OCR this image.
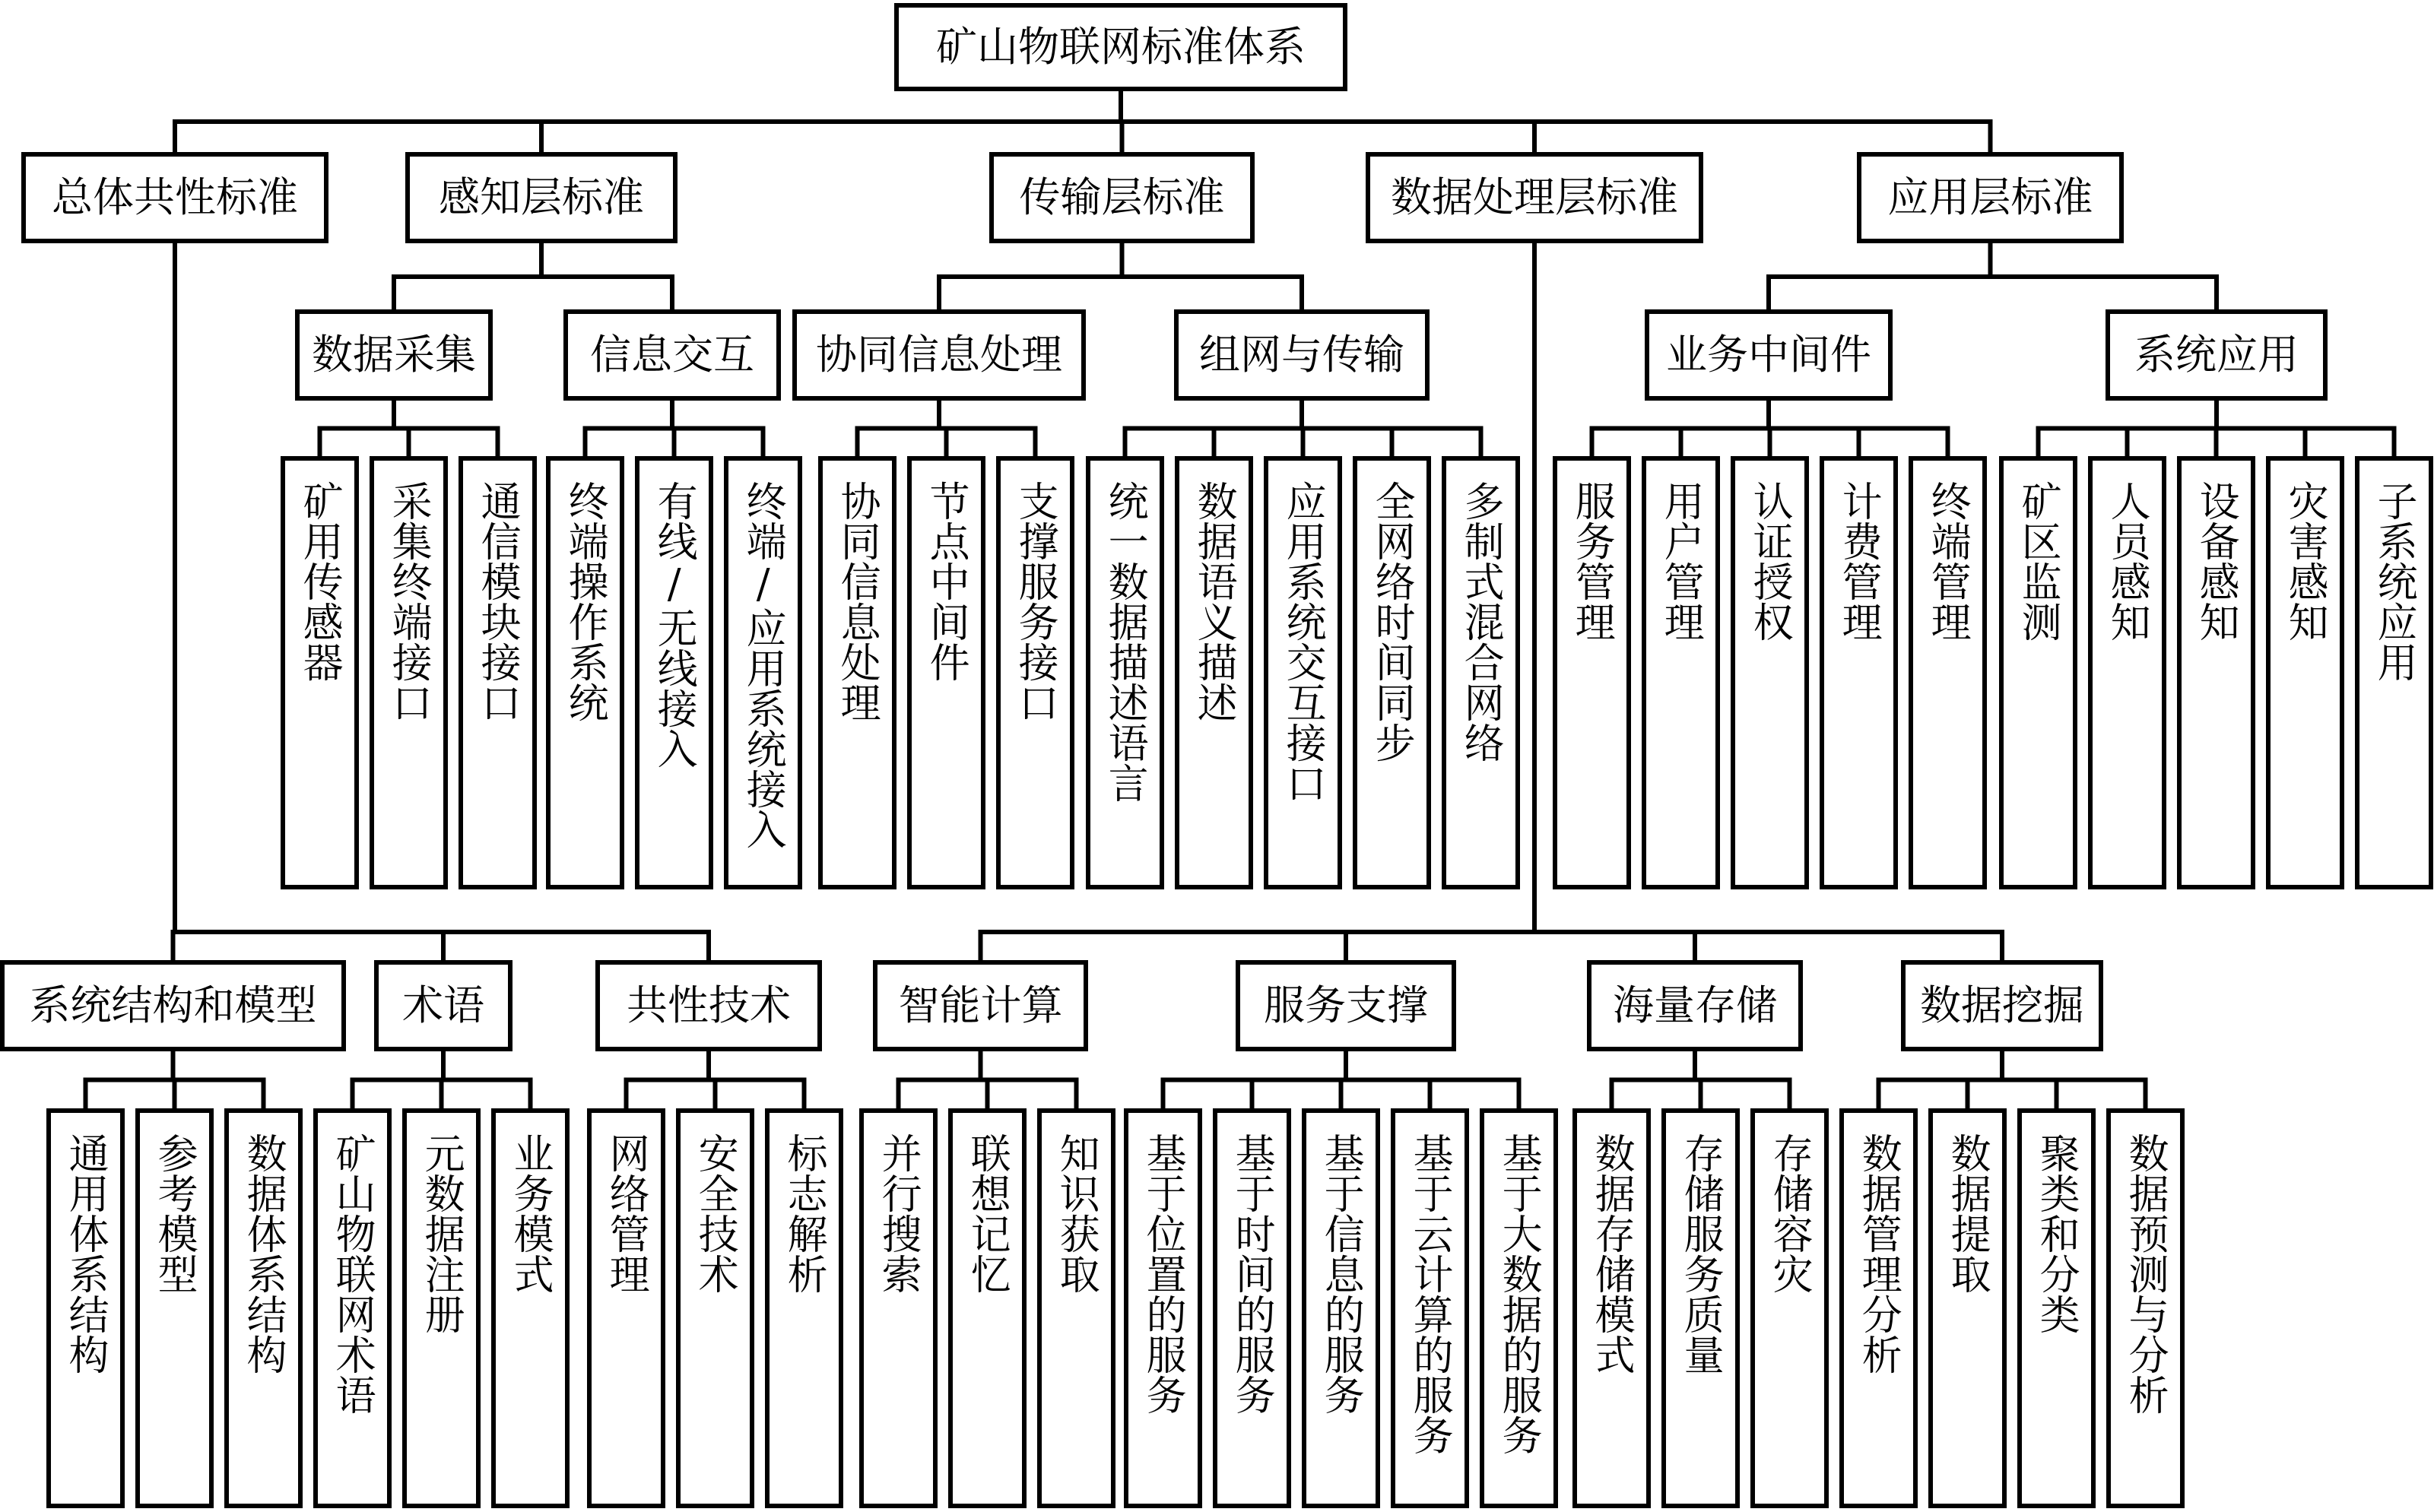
矿山物联网标准体系
总体共性标准	感知层标准	传输层标准	数据处理层标准	应用层标准
数据采集
矿用传感器	采集终端接口	通信模块接口
信息交互
终端操作系统	有线/无线接入	终端/应用系统接入
协同信息处理
协同信息处理	节点中间件	支撑服务接口
组网与传输
统一数据描述语言	数据语义描述	应用系统交互接口	全网络时间同步	多制式混合网络
业务中间件
服务管理	用户管理	认证授权	计费管理	终端管理
系统应用
矿区监测	人员感知	设备感知	灾害感知	子系统应用
系统结构和模型
通用体系结构	参考模型	数据体系结构
术语
矿山物联网术语	元数据注册	业务模式
共性技术
网络管理	安全技术	标志解析
智能计算
并行搜索	联想记忆	知识获取
服务支撑
基于位置的服务	基于时间的服务	基于信息的服务	基于云计算的服务	基于大数据的服务
海量存储
数据存储模式	存储服务质量	存储容灾
数据挖掘
数据管理分析	数据提取	聚类和分类	数据预测与分析
